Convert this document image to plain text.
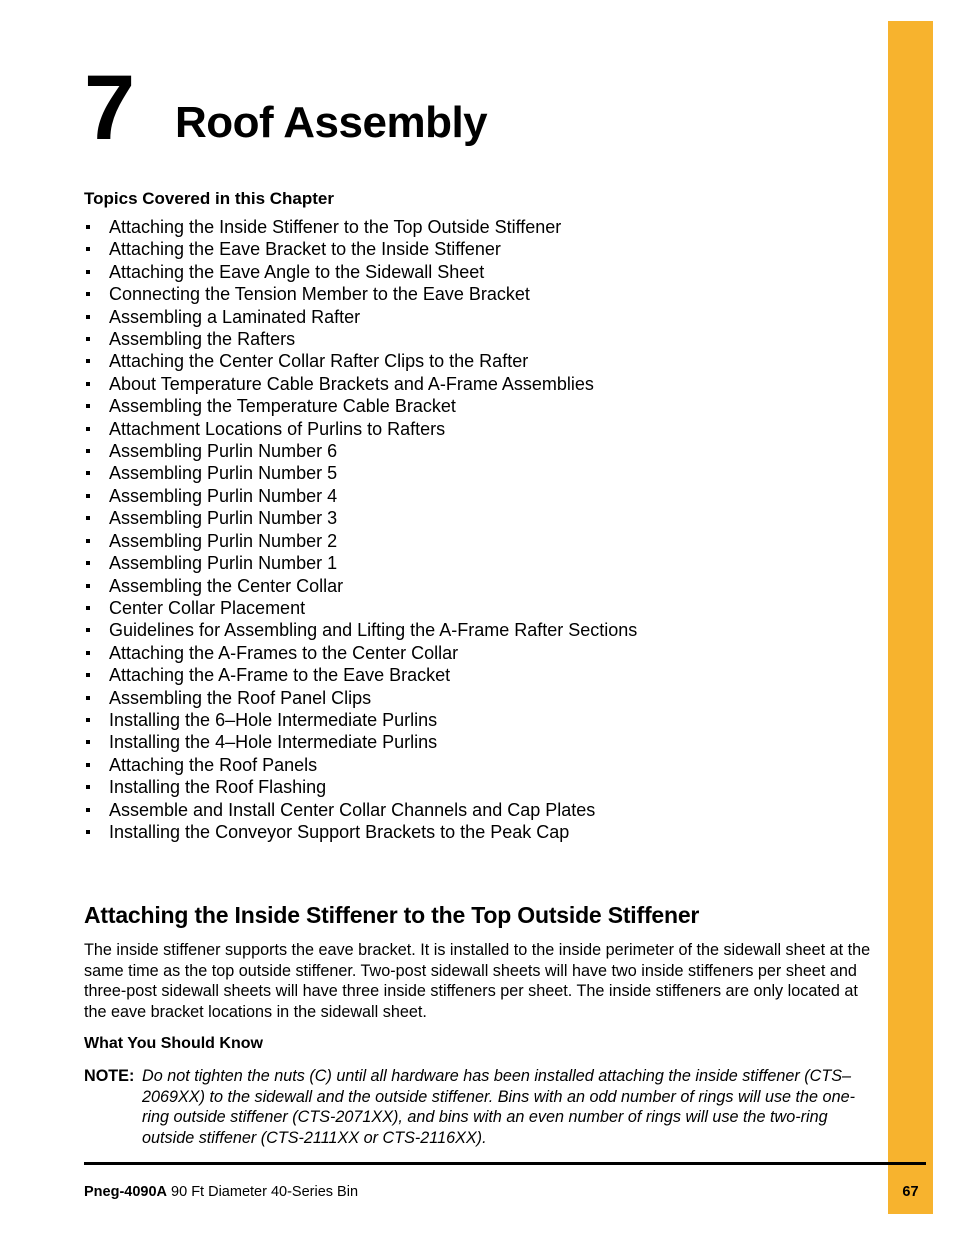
7 Roof Assembly
Topics Covered in this Chapter
Attaching the Inside Stiffener to the Top Outside Stiffener
Attaching the Eave Bracket to the Inside Stiffener
Attaching the Eave Angle to the Sidewall Sheet
Connecting the Tension Member to the Eave Bracket
Assembling a Laminated Rafter
Assembling the Rafters
Attaching the Center Collar Rafter Clips to the Rafter
About Temperature Cable Brackets and A-Frame Assemblies
Assembling the Temperature Cable Bracket
Attachment Locations of Purlins to Rafters
Assembling Purlin Number 6
Assembling Purlin Number 5
Assembling Purlin Number 4
Assembling Purlin Number 3
Assembling Purlin Number 2
Assembling Purlin Number 1
Assembling the Center Collar
Center Collar Placement
Guidelines for Assembling and Lifting the A-Frame Rafter Sections
Attaching the A-Frames to the Center Collar
Attaching the A-Frame to the Eave Bracket
Assembling the Roof Panel Clips
Installing the 6–Hole Intermediate Purlins
Installing the 4–Hole Intermediate Purlins
Attaching the Roof Panels
Installing the Roof Flashing
Assemble and Install Center Collar Channels and Cap Plates
Installing the Conveyor Support Brackets to the Peak Cap
Attaching the Inside Stiffener to the Top Outside Stiffener

The inside stiffener supports the eave bracket. It is installed to the inside perimeter of the sidewall sheet at the same time as the top outside stiffener. Two-post sidewall sheets will have two inside stiffeners per sheet and three-post sidewall sheets will have three inside stiffeners per sheet. The inside stiffeners are only located at the eave bracket locations in the sidewall sheet.

What You Should Know
NOTE: Do not tighten the nuts (C) until all hardware has been installed attaching the inside stiffener (CTS–2069XX) to the sidewall and the outside stiffener. Bins with an odd number of rings will use the one-ring outside stiffener (CTS-2071XX), and bins with an even number of rings will use the two-ring outside stiffener (CTS-2111XX or CTS-2116XX).
Pneg-4090A 90 Ft Diameter 40-Series Bin	67
